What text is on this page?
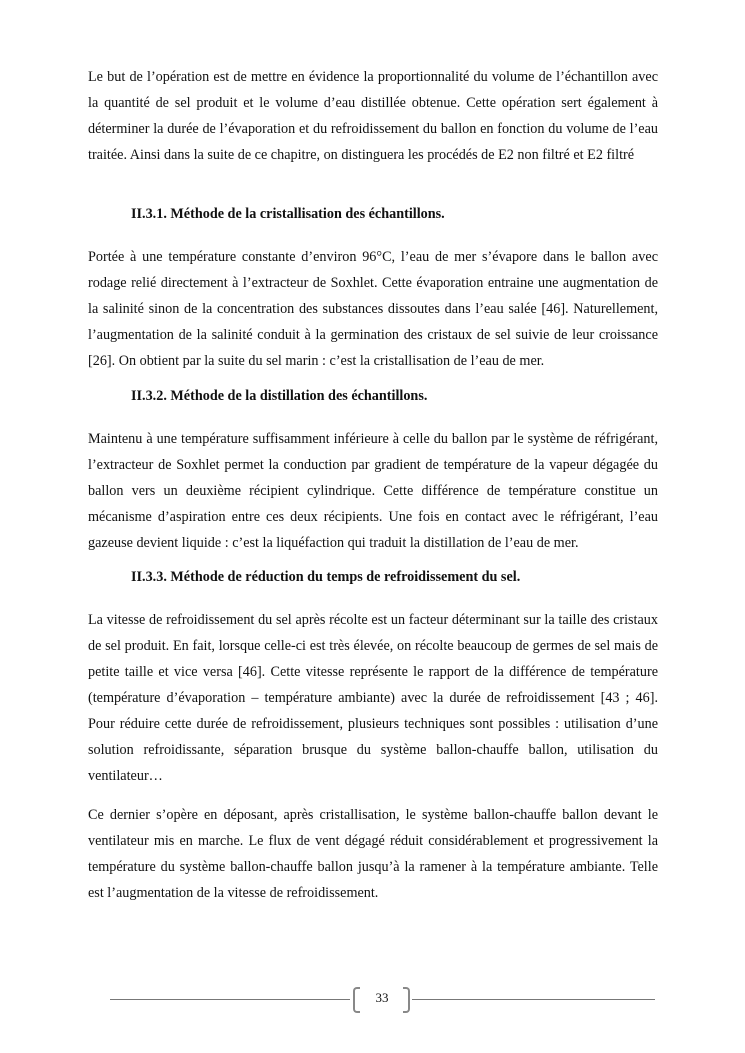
Le but de l’opération est de mettre en évidence la proportionnalité du volume de l’échantillon avec la quantité de sel produit et le volume d’eau distillée obtenue. Cette opération sert également à déterminer la durée de l’évaporation et du refroidissement du ballon en fonction du volume de l’eau traitée. Ainsi dans la suite de ce chapitre, on distinguera les procédés de E2 non filtré et E2 filtré

II.3.1. Méthode de la cristallisation des échantillons.

Portée à une température constante d’environ 96°C, l’eau de mer s’évapore dans le ballon avec rodage relié directement à l’extracteur de Soxhlet. Cette évaporation entraine une augmentation de la salinité sinon de la concentration des substances dissoutes dans l’eau salée [46]. Naturellement, l’augmentation de la salinité conduit à la germination des cristaux de sel suivie de leur croissance [26]. On obtient par la suite du sel marin : c’est la cristallisation de l’eau de mer.

II.3.2. Méthode de la distillation des échantillons.

Maintenu à une température suffisamment inférieure à celle du ballon par le système de réfrigérant, l’extracteur de Soxhlet permet la conduction par gradient de température de la vapeur dégagée du ballon vers un deuxième récipient cylindrique. Cette différence de température constitue un mécanisme d’aspiration entre ces deux récipients. Une fois en contact avec le réfrigérant, l’eau gazeuse devient liquide : c’est la liquéfaction qui traduit la distillation de l’eau de mer.

II.3.3. Méthode de réduction du temps de refroidissement du sel.

La vitesse de refroidissement du sel après récolte est un facteur déterminant sur la taille des cristaux de sel produit. En fait, lorsque celle-ci est très élevée, on récolte beaucoup de germes de sel mais de petite taille et vice versa [46]. Cette vitesse représente le rapport de la différence de température (température d’évaporation – température ambiante) avec la durée de refroidissement [43 ; 46]. Pour réduire cette durée de refroidissement, plusieurs techniques sont possibles : utilisation d’une solution refroidissante, séparation brusque du système ballon-chauffe ballon, utilisation du ventilateur…

Ce dernier s’opère en déposant, après cristallisation, le système ballon-chauffe ballon devant le ventilateur mis en marche. Le flux de vent dégagé réduit considérablement et progressivement la température du système ballon-chauffe ballon jusqu’à la ramener à la température ambiante. Telle est l’augmentation de la vitesse de refroidissement.

33
